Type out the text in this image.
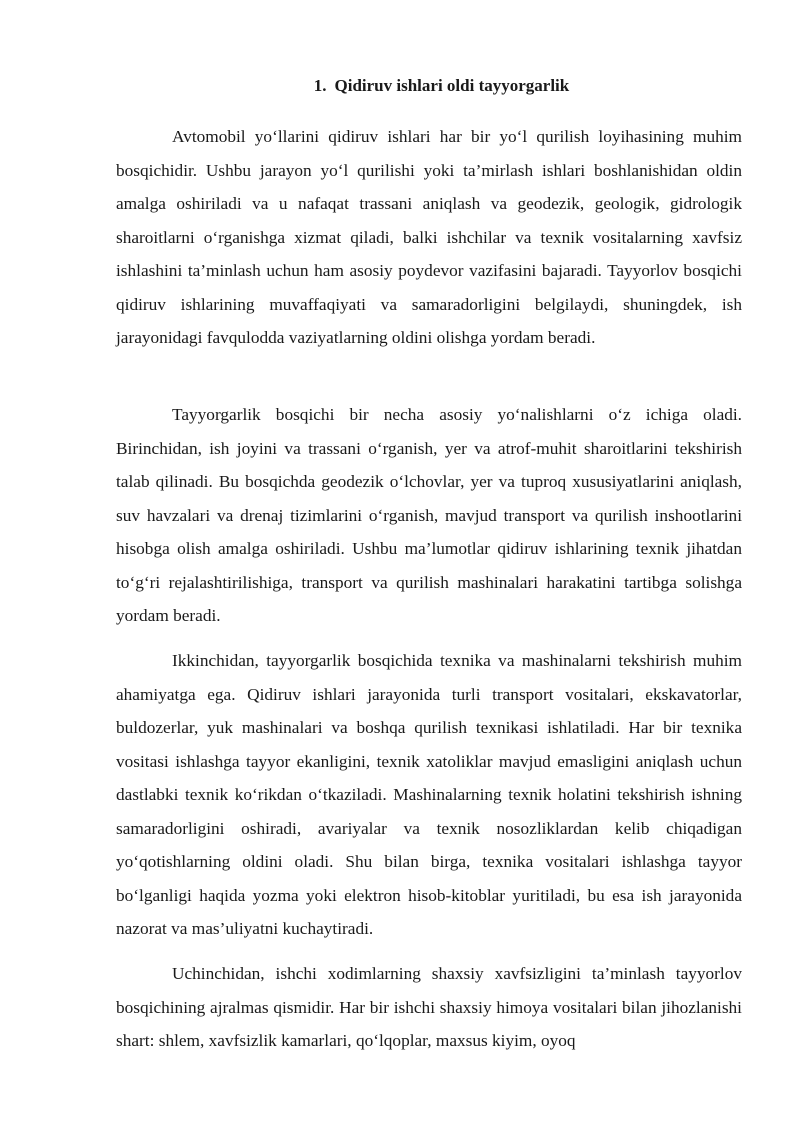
1. Qidiruv ishlari oldi tayyorgarlik

Avtomobil yo‘llarini qidiruv ishlari har bir yo‘l qurilish loyihasining muhim bosqichidir. Ushbu jarayon yo‘l qurilishi yoki ta’mirlash ishlari boshlanishidan oldin amalga oshiriladi va u nafaqat trassani aniqlash va geodezik, geologik, gidrologik sharoitlarni o‘rganishga xizmat qiladi, balki ishchilar va texnik vositalarning xavfsiz ishlashini ta’minlash uchun ham asosiy poydevor vazifasini bajaradi. Tayyorlov bosqichi qidiruv ishlarining muvaffaqiyati va samaradorligini belgilaydi, shuningdek, ish jarayonidagi favqulodda vaziyatlarning oldini olishga yordam beradi.

Tayyorgarlik bosqichi bir necha asosiy yo‘nalishlarni o‘z ichiga oladi. Birinchidan, ish joyini va trassani o‘rganish, yer va atrof-muhit sharoitlarini tekshirish talab qilinadi. Bu bosqichda geodezik o‘lchovlar, yer va tuproq xususiyatlarini aniqlash, suv havzalari va drenaj tizimlarini o‘rganish, mavjud transport va qurilish inshootlarini hisobga olish amalga oshiriladi. Ushbu ma’lumotlar qidiruv ishlarining texnik jihatdan to‘g‘ri rejalashtirilishiga, transport va qurilish mashinalari harakatini tartibga solishga yordam beradi.

Ikkinchidan, tayyorgarlik bosqichida texnika va mashinalarni tekshirish muhim ahamiyatga ega. Qidiruv ishlari jarayonida turli transport vositalari, ekskavatorlar, buldozerlar, yuk mashinalari va boshqa qurilish texnikasi ishlatiladi. Har bir texnika vositasi ishlashga tayyor ekanligini, texnik xatoliklar mavjud emasligini aniqlash uchun dastlabki texnik ko‘rikdan o‘tkaziladi. Mashinalarning texnik holatini tekshirish ishning samaradorligini oshiradi, avariyalar va texnik nosozliklardan kelib chiqadigan yo‘qotishlarning oldini oladi. Shu bilan birga, texnika vositalari ishlashga tayyor bo‘lganligi haqida yozma yoki elektron hisob-kitoblar yuritiladi, bu esa ish jarayonida nazorat va mas’uliyatni kuchaytiradi.

Uchinchidan, ishchi xodimlarning shaxsiy xavfsizligini ta’minlash tayyorlov bosqichining ajralmas qismidir. Har bir ishchi shaxsiy himoya vositalari bilan jihozlanishi shart: shlem, xavfsizlik kamarlari, qo‘lqoplar, maxsus kiyim, oyoq
